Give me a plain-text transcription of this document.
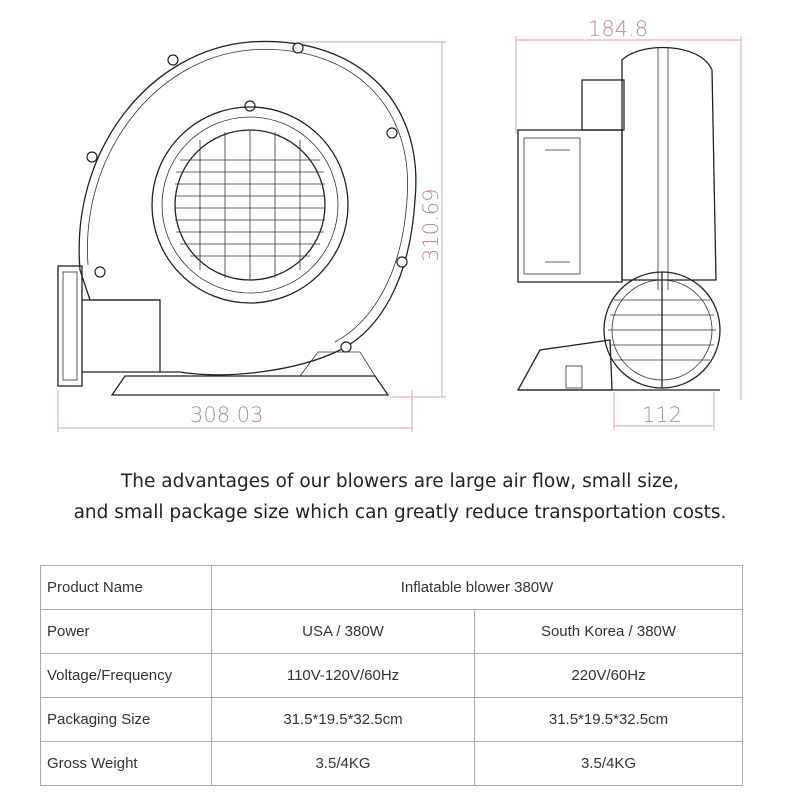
308.03
310.69
184.8
112
The advantages of our blowers are large air flow, small size,
and small package size which can greatly reduce transportation costs.
Product Name	Inflatable blower 380W	
Power	USA / 380W	South Korea / 380W
Voltage/Frequency	110V-120V/60Hz	220V/60Hz
Packaging Size	31.5*19.5*32.5cm	31.5*19.5*32.5cm
Gross Weight	3.5/4KG	3.5/4KG
